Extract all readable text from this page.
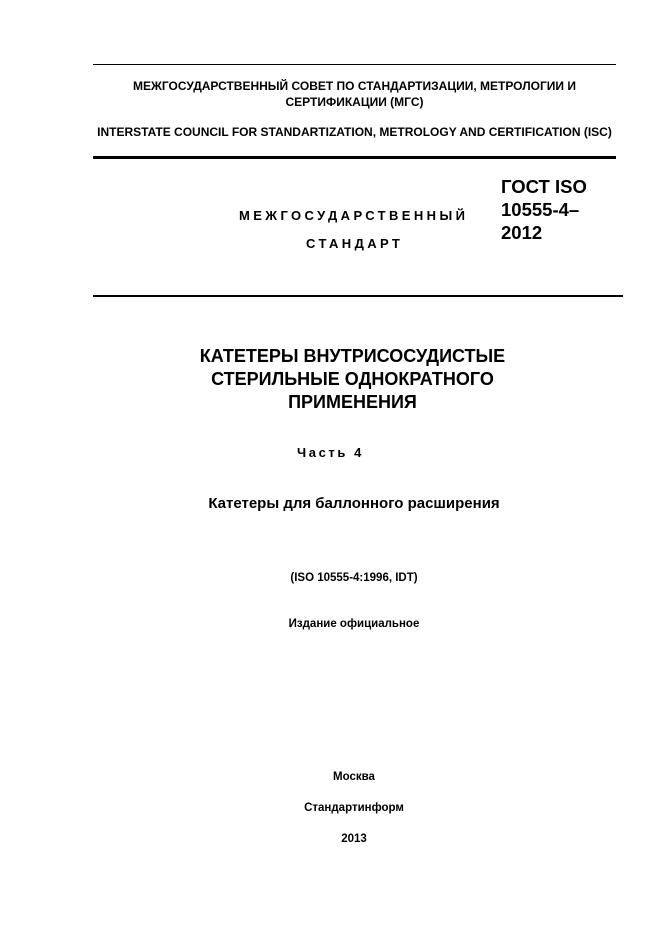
МЕЖГОСУДАРСТВЕННЫЙ СОВЕТ ПО СТАНДАРТИЗАЦИИ, МЕТРОЛОГИИ И СЕРТИФИКАЦИИ (МГС)
INTERSTATE COUNCIL FOR STANDARTIZATION, METROLOGY AND CERTIFICATION (ISC)
МЕЖГОСУДАРСТВЕННЫЙ
СТАНДАРТ
ГОСТ ISO
10555-4–
2012
КАТЕТЕРЫ ВНУТРИСОСУДИСТЫЕ
СТЕРИЛЬНЫЕ ОДНОКРАТНОГО
ПРИМЕНЕНИЯ
Часть 4
Катетеры для баллонного расширения
(ISO 10555-4:1996, IDT)
Издание официальное
Москва
Стандартинформ
2013
